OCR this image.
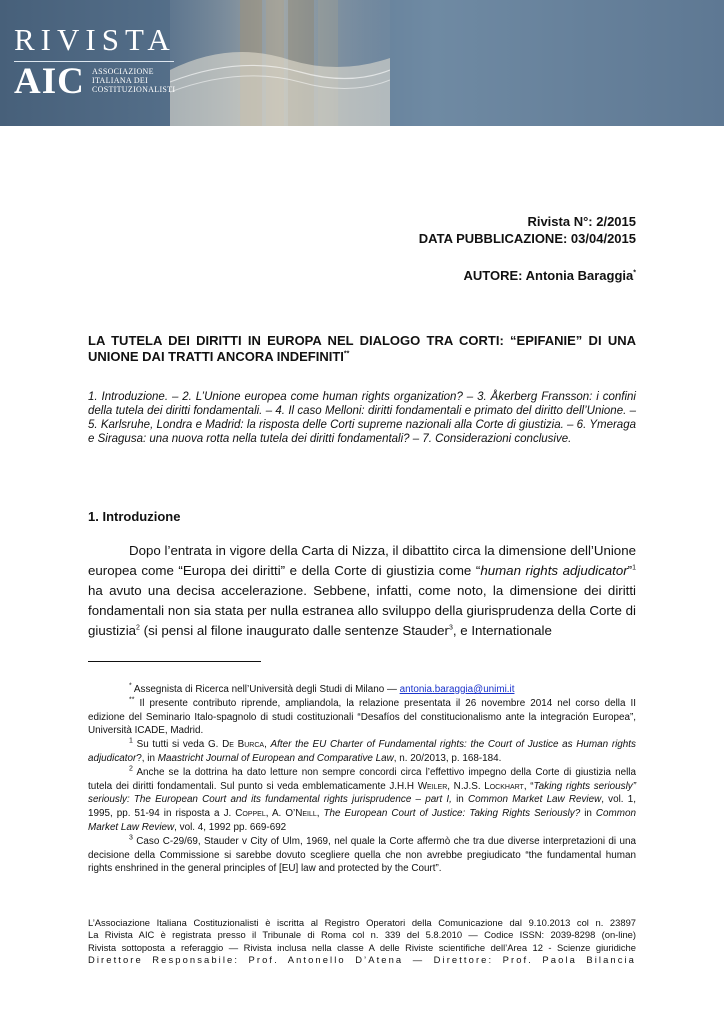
RIVISTA
AIC ASSOCIAZIONE
ITALIANA DEI
COSTITUZIONALISTI
Rivista N°: 2/2015
DATA PUBBLICAZIONE: 03/04/2015
AUTORE: Antonia Baraggia*
LA TUTELA DEI DIRITTI IN EUROPA NEL DIALOGO TRA CORTI: “EPIFANIE” DI UNA
UNIONE DAI TRATTI ANCORA INDEFINITI**
1. Introduzione. – 2. L’Unione europea come human rights organization? – 3. Åkerberg Fransson: i confini della tutela dei diritti fondamentali. – 4. Il caso Melloni: diritti fondamentali e primato del diritto dell’Unione. – 5. Karlsruhe, Londra e Madrid: la risposta delle Corti supreme nazionali alla Corte di giustizia. – 6. Ymeraga e Siragusa: una nuova rotta nella tutela dei diritti fondamentali? – 7. Considerazioni conclusive.
1. Introduzione
Dopo l’entrata in vigore della Carta di Nizza, il dibattito circa la dimensione dell’Unione europea come “Europa dei diritti” e della Corte di giustizia come “human rights adjudicator”$^1$ ha avuto una decisa accelerazione. Sebbene, infatti, come noto, la dimensione dei diritti fondamentali non sia stata per nulla estranea allo sviluppo della giurisprudenza della Corte di giustizia$^2$ (si pensi al filone inaugurato dalle sentenze Stauder$^3$, e Internationale

* Assegnista di Ricerca nell’Università degli Studi di Milano — antonia.baraggia@unimi.it

** Il presente contributo riprende, ampliandola, la relazione presentata il 26 novembre 2014 nel corso della II edizione del Seminario Italo-spagnolo di studi costituzionali “Desafíos del constitucionalismo ante la integración Europea”, Università ICADE, Madrid.

$^1$ Su tutti si veda G. De Burca, After the EU Charter of Fundamental rights: the Court of Justice as Human rights adjudicator?, in Maastricht Journal of European and Comparative Law, n. 20/2013, p. 168-184.

$^2$ Anche se la dottrina ha dato letture non sempre concordi circa l’effettivo impegno della Corte di giustizia nella tutela dei diritti fondamentali. Sul punto si veda emblematicamente J.H.H Weiler, N.J.S. Lockhart, “Taking rights seriously” seriously: The European Court and its fundamental rights jurisprudence – part I, in Common Market Law Review, vol. 1, 1995, pp. 51-94 in risposta a J. Coppel, A. O’Neill, The European Court of Justice: Taking Rights Seriously? in Common Market Law Review, vol. 4, 1992 pp. 669-692

$^3$ Caso C-29/69, Stauder v City of Ulm, 1969, nel quale la Corte affermò che tra due diverse interpretazioni di una decisione della Commissione si sarebbe dovuto scegliere quella che non avrebbe pregiudicato “the fundamental human rights enshrined in the general principles of [EU] law and protected by the Court”.

L’Associazione Italiana Costituzionalisti è iscritta al Registro Operatori della Comunicazione dal 9.10.2013 col n. 23897
La Rivista AIC è registrata presso il Tribunale di Roma col n. 339 del 5.8.2010 — Codice ISSN: 2039-8298 (on-line)
Rivista sottoposta a referaggio — Rivista inclusa nella classe A delle Riviste scientifiche dell’Area 12 - Scienze giuridiche
Direttore Responsabile: Prof. Antonello D’Atena — Direttore: Prof. Paola Bilancia
